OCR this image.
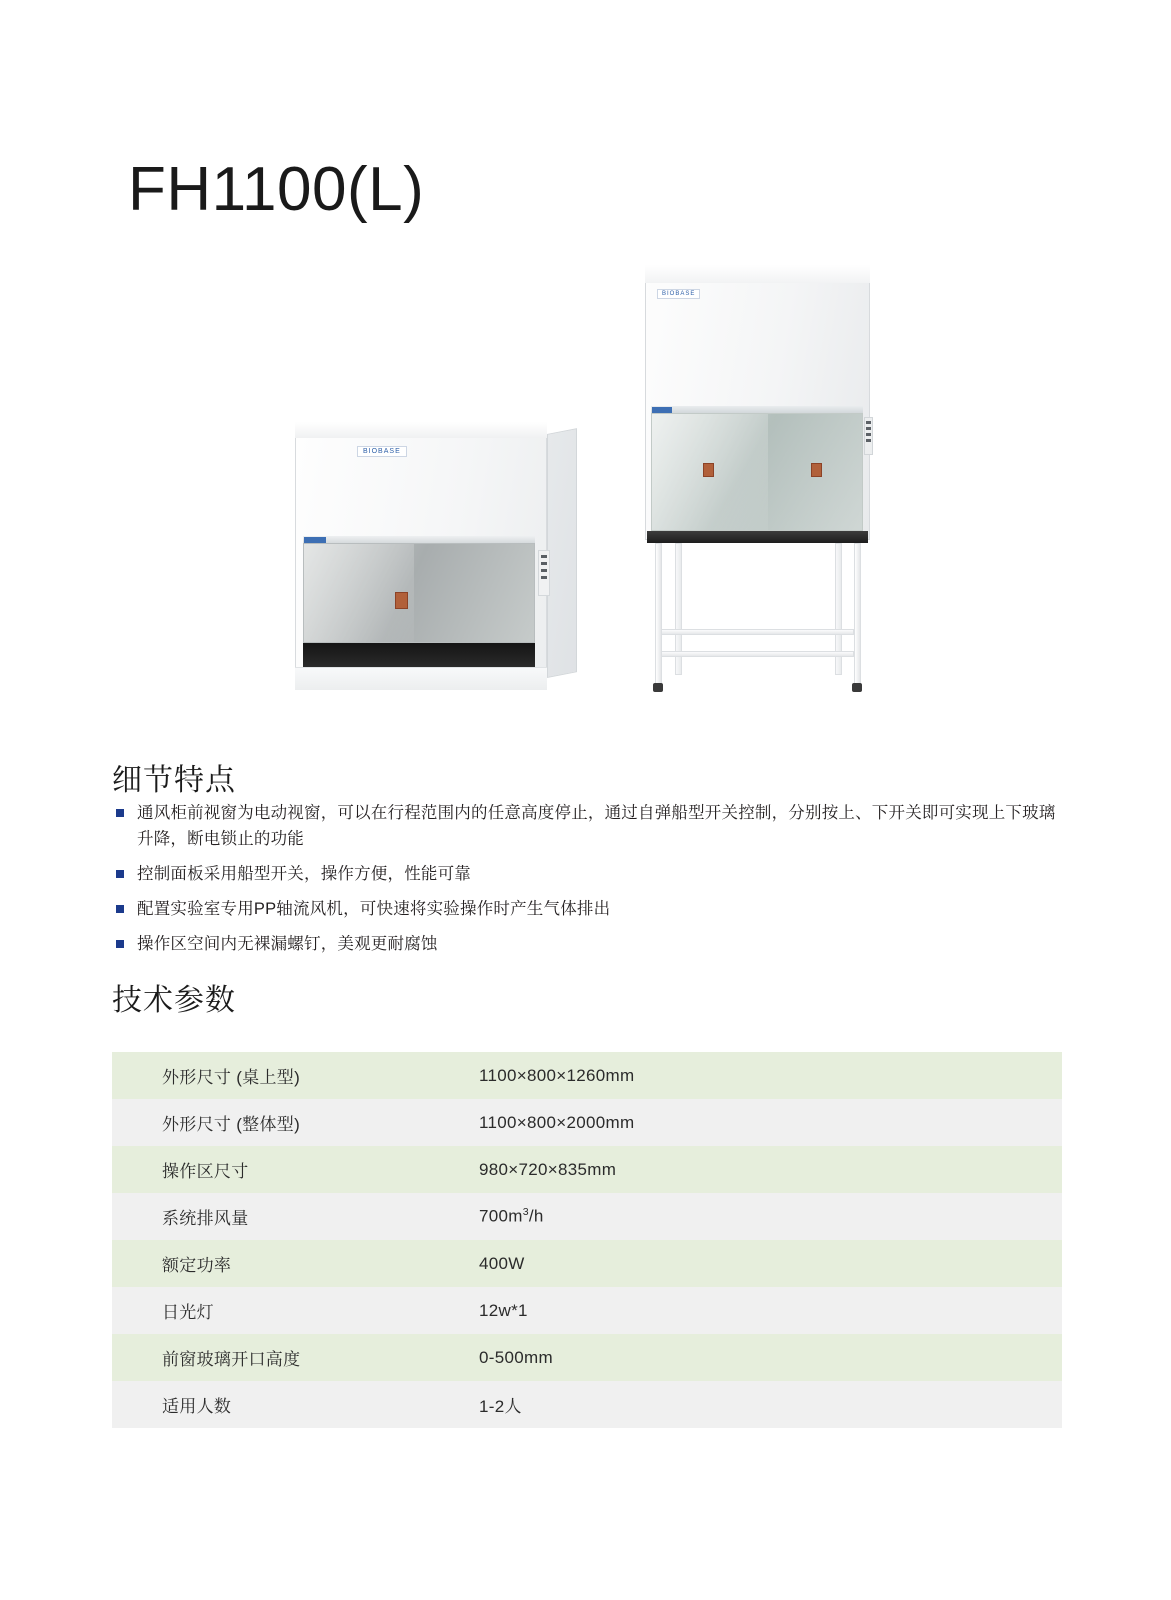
FH1100(L)
BIOBASE
BIOBASE
细节特点
通风柜前视窗为电动视窗，可以在行程范围内的任意高度停止，通过自弹船型开关控制，分别按上、下开关即可实现上下玻璃升降，断电锁止的功能
控制面板采用船型开关，操作方便，性能可靠
配置实验室专用PP轴流风机，可快速将实验操作时产生气体排出
操作区空间内无裸漏螺钉，美观更耐腐蚀
技术参数
外形尺寸 (桌上型)	1100×800×1260mm
外形尺寸 (整体型)	1100×800×2000mm
操作区尺寸	980×720×835mm
系统排风量	$700m^3/h$
额定功率	400W
日光灯	12w*1
前窗玻璃开口高度	0-500mm
适用人数	1-2人
